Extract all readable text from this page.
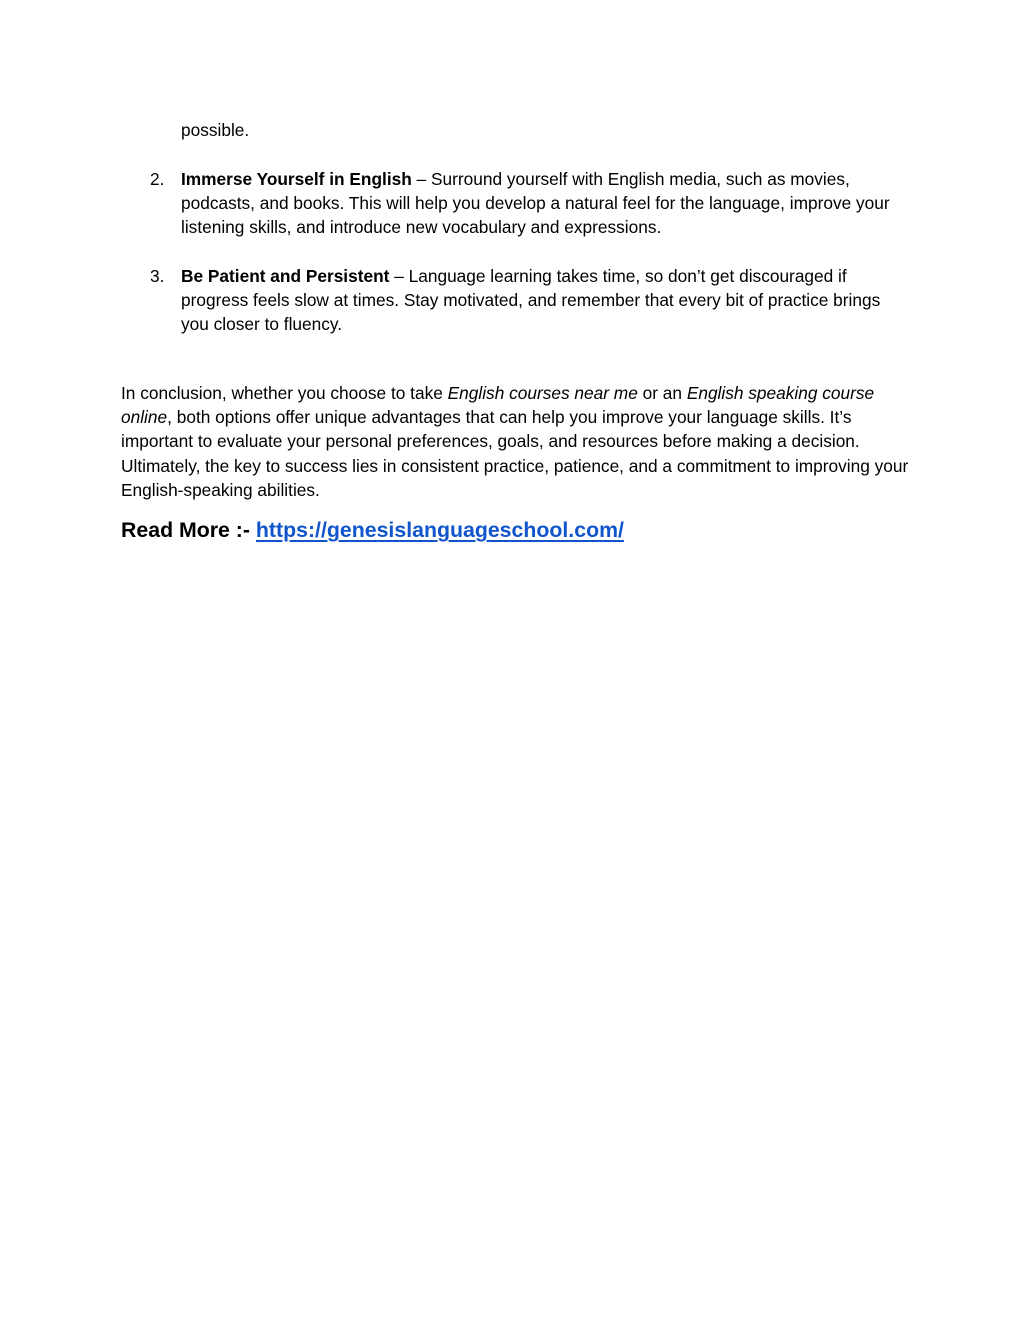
possible.

2. Immerse Yourself in English – Surround yourself with English media, such as movies, podcasts, and books. This will help you develop a natural feel for the language, improve your listening skills, and introduce new vocabulary and expressions.
3. Be Patient and Persistent – Language learning takes time, so don’t get discouraged if progress feels slow at times. Stay motivated, and remember that every bit of practice brings you closer to fluency.

In conclusion, whether you choose to take English courses near me or an English speaking course online, both options offer unique advantages that can help you improve your language skills. It’s important to evaluate your personal preferences, goals, and resources before making a decision. Ultimately, the key to success lies in consistent practice, patience, and a commitment to improving your English-speaking abilities.

Read More :- https://genesislanguageschool.com/
